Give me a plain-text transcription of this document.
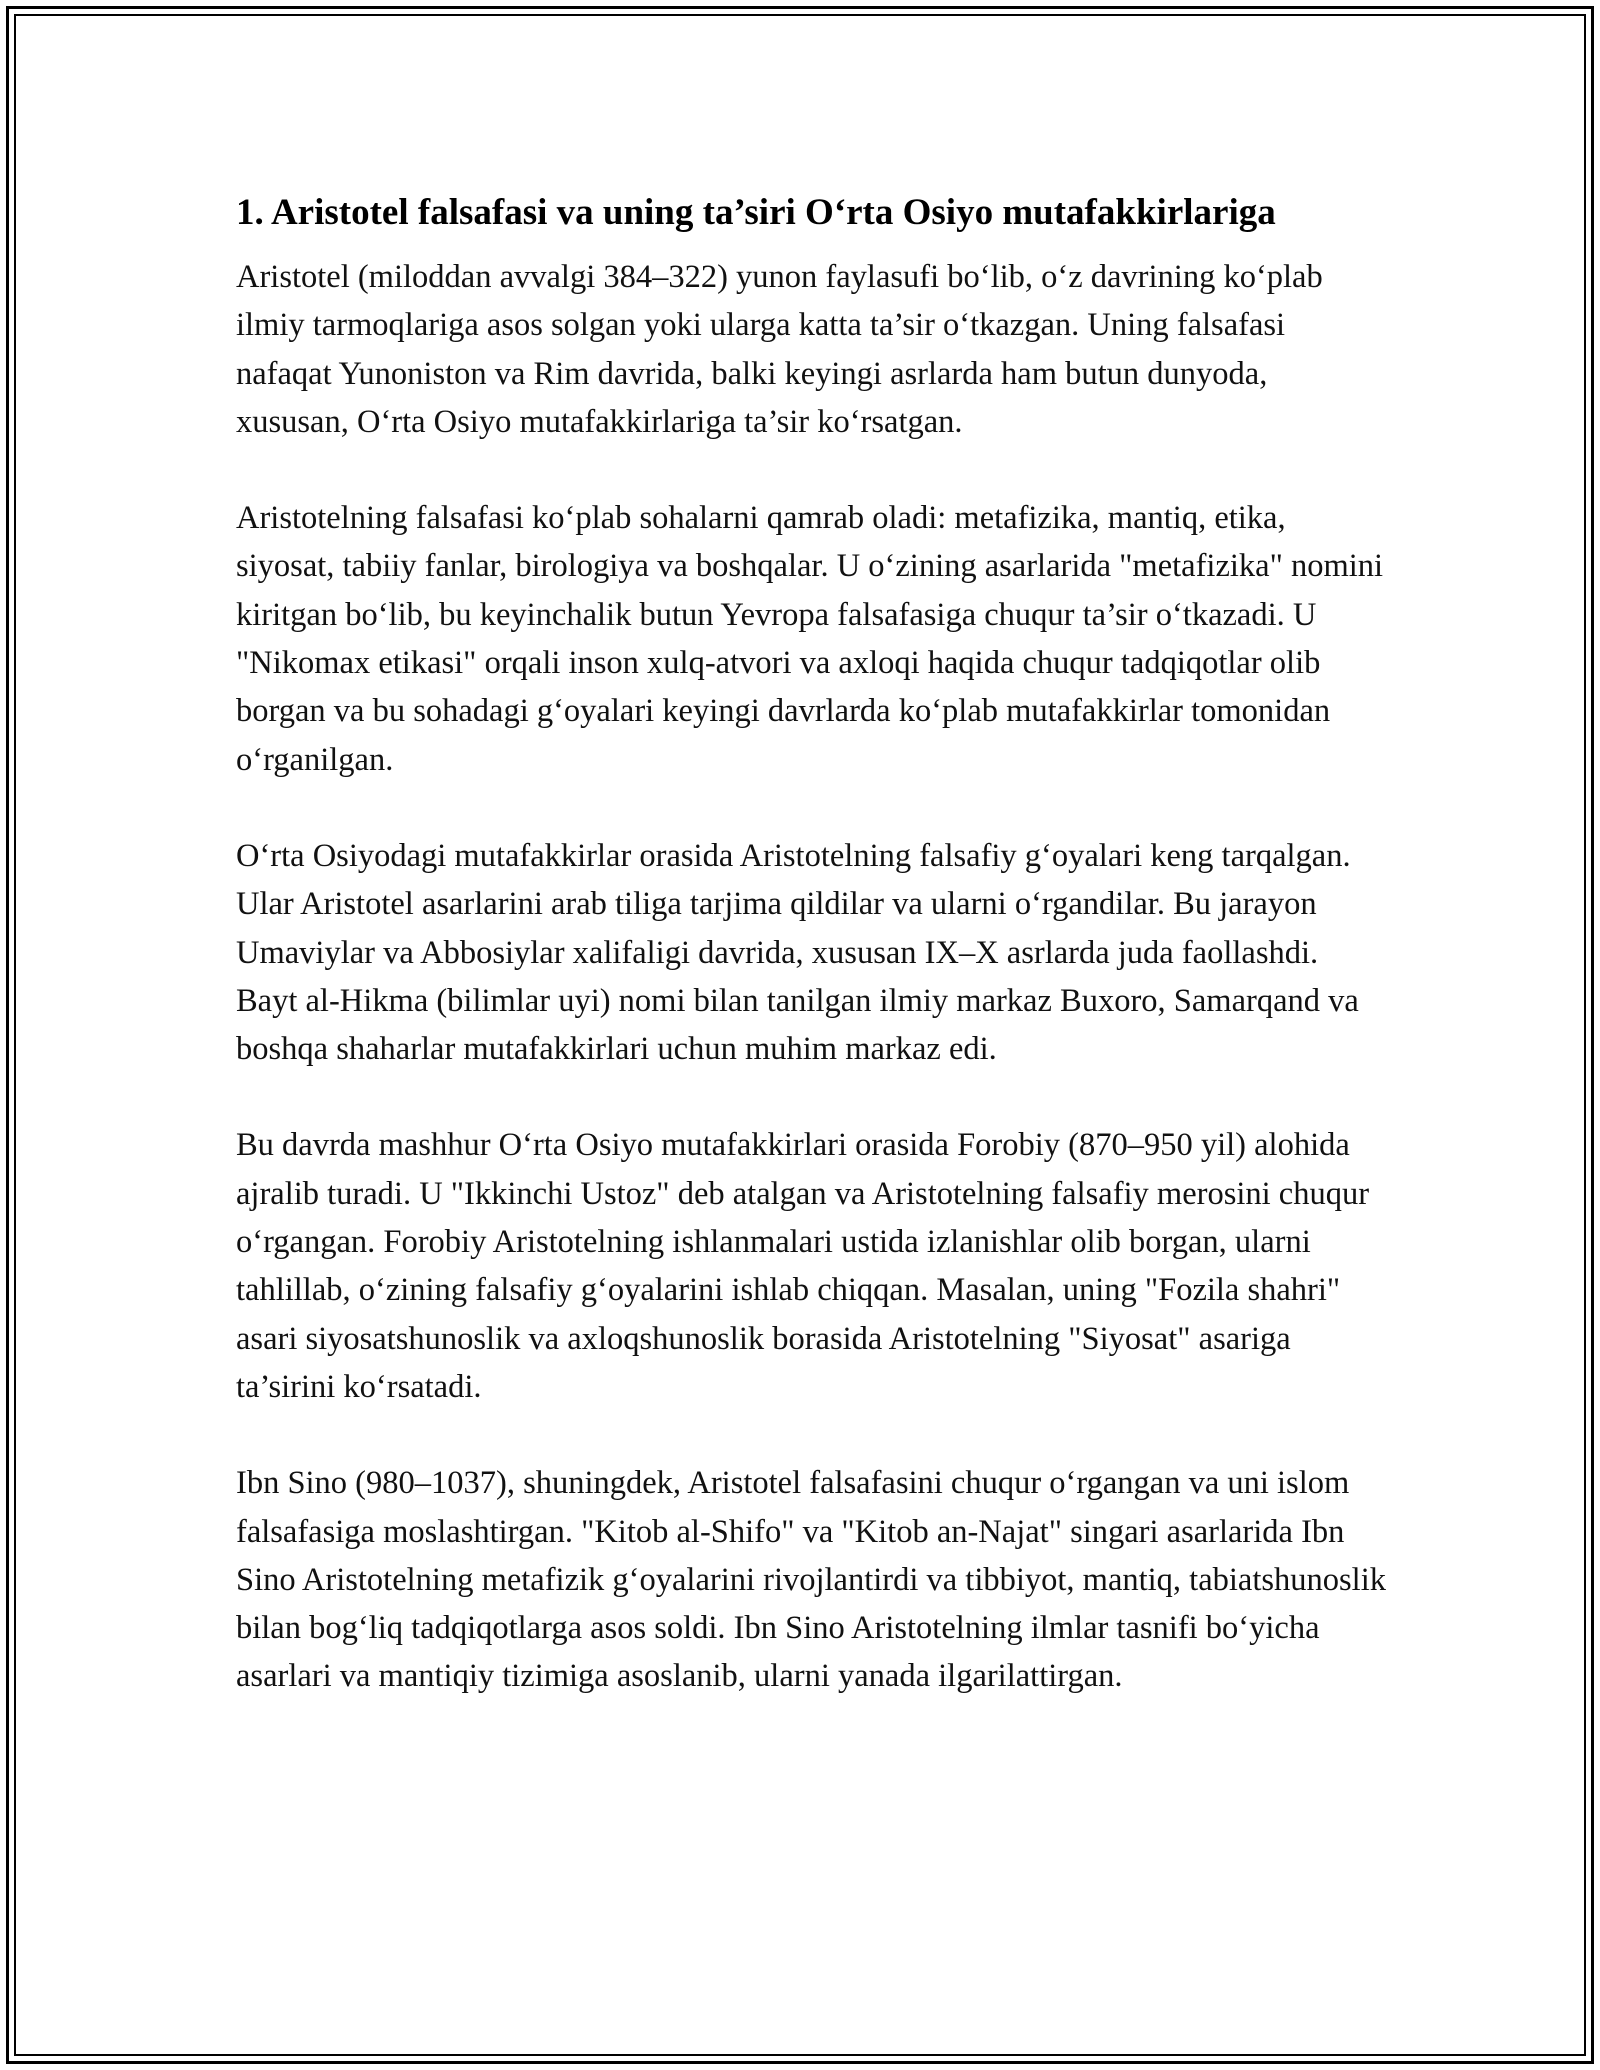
1. Aristotel falsafasi va uning ta’siri O‘rta Osiyo mutafakkirlariga

Aristotel (miloddan avvalgi 384–322) yunon faylasufi bo‘lib, o‘z davrining ko‘plab ilmiy tarmoqlariga asos solgan yoki ularga katta ta’sir o‘tkazgan. Uning falsafasi nafaqat Yunoniston va Rim davrida, balki keyingi asrlarda ham butun dunyoda, xususan, O‘rta Osiyo mutafakkirlariga ta’sir ko‘rsatgan.

Aristotelning falsafasi ko‘plab sohalarni qamrab oladi: metafizika, mantiq, etika, siyosat, tabiiy fanlar, birologiya va boshqalar. U o‘zining asarlarida "metafizika" nomini kiritgan bo‘lib, bu keyinchalik butun Yevropa falsafasiga chuqur ta’sir o‘tkazadi. U "Nikomax etikasi" orqali inson xulq-atvori va axloqi haqida chuqur tadqiqotlar olib borgan va bu sohadagi g‘oyalari keyingi davrlarda ko‘plab mutafakkirlar tomonidan o‘rganilgan.

O‘rta Osiyodagi mutafakkirlar orasida Aristotelning falsafiy g‘oyalari keng tarqalgan. Ular Aristotel asarlarini arab tiliga tarjima qildilar va ularni o‘rgandilar. Bu jarayon Umaviylar va Abbosiylar xalifaligi davrida, xususan IX–X asrlarda juda faollashdi. Bayt al-Hikma (bilimlar uyi) nomi bilan tanilgan ilmiy markaz Buxoro, Samarqand va boshqa shaharlar mutafakkirlari uchun muhim markaz edi.

Bu davrda mashhur O‘rta Osiyo mutafakkirlari orasida Forobiy (870–950 yil) alohida ajralib turadi. U "Ikkinchi Ustoz" deb atalgan va Aristotelning falsafiy merosini chuqur o‘rgangan. Forobiy Aristotelning ishlanmalari ustida izlanishlar olib borgan, ularni tahlillab, o‘zining falsafiy g‘oyalarini ishlab chiqqan. Masalan, uning "Fozila shahri" asari siyosatshunoslik va axloqshunoslik borasida Aristotelning "Siyosat" asariga ta’sirini ko‘rsatadi.

Ibn Sino (980–1037), shuningdek, Aristotel falsafasini chuqur o‘rgangan va uni islom falsafasiga moslashtirgan. "Kitob al-Shifo" va "Kitob an-Najat" singari asarlarida Ibn Sino Aristotelning metafizik g‘oyalarini rivojlantirdi va tibbiyot, mantiq, tabiatshunoslik bilan bog‘liq tadqiqotlarga asos soldi. Ibn Sino Aristotelning ilmlar tasnifi bo‘yicha asarlari va mantiqiy tizimiga asoslanib, ularni yanada ilgarilattirgan.
